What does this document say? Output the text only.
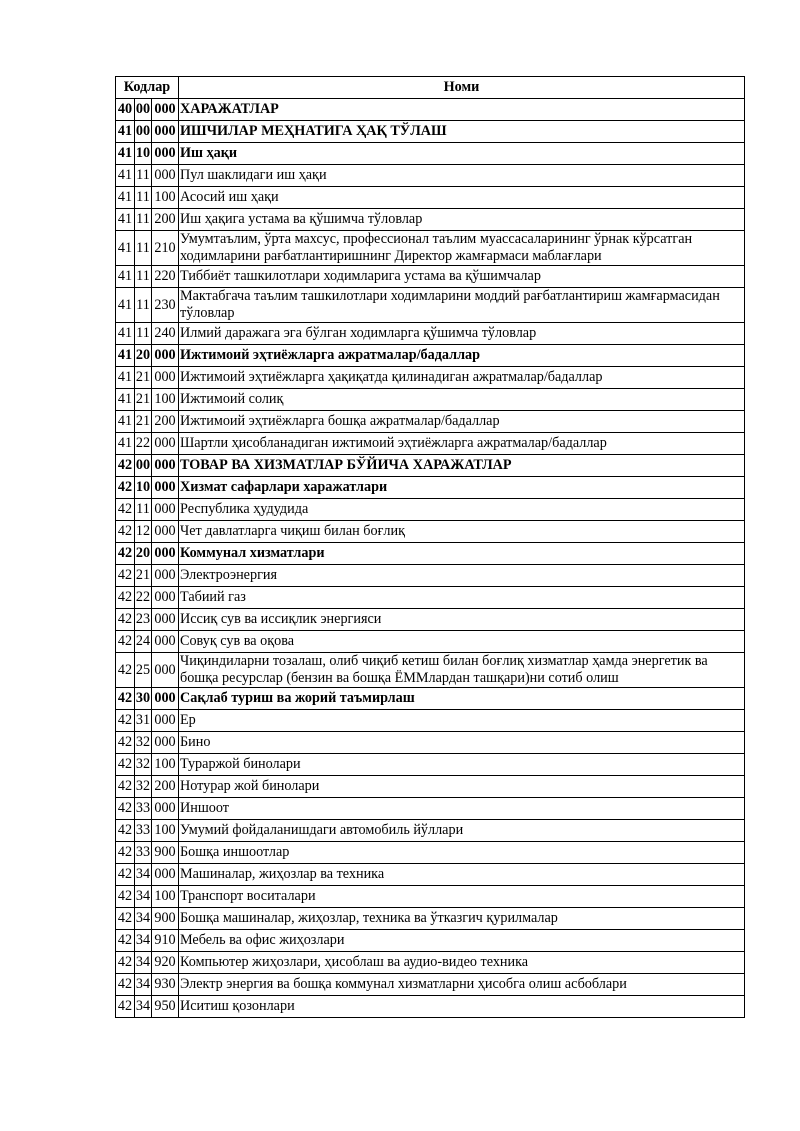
Кодлар			Номи
40	00	000	ХАРАЖАТЛАР
41	00	000	ИШЧИЛАР МЕҲНАТИГА ҲАҚ ТЎЛАШ
41	10	000	Иш ҳақи
41	11	000	Пул шаклидаги иш ҳақи
41	11	100	Асосий иш ҳақи
41	11	200	Иш ҳақига устама ва қўшимча тўловлар
41	11	210	Умумтаълим, ўрта махсус, профессионал таълим муассасаларининг ўрнак кўрсатган ходимларини рағбатлантиришнинг Директор жамғармаси маблағлари
41	11	220	Тиббиёт ташкилотлари ходимларига устама ва қўшимчалар
41	11	230	Мактабгача таълим ташкилотлари ходимларини моддий рағбатлантириш жамғармасидан тўловлар
41	11	240	Илмий даражага эга бўлган ходимларга қўшимча тўловлар
41	20	000	Ижтимоий эҳтиёжларга ажратмалар/бадаллар
41	21	000	Ижтимоий эҳтиёжларга ҳақиқатда қилинадиган ажратмалар/бадаллар
41	21	100	Ижтимоий солиқ
41	21	200	Ижтимоий эҳтиёжларга бошқа ажратмалар/бадаллар
41	22	000	Шартли ҳисобланадиган ижтимоий эҳтиёжларга ажратмалар/бадаллар
42	00	000	ТОВАР ВА ХИЗМАТЛАР БЎЙИЧА ХАРАЖАТЛАР
42	10	000	Хизмат сафарлари харажатлари
42	11	000	Республика ҳудудида
42	12	000	Чет давлатларга чиқиш билан боғлиқ
42	20	000	Коммунал хизматлари
42	21	000	Электроэнергия
42	22	000	Табиий газ
42	23	000	Иссиқ сув ва иссиқлик энергияси
42	24	000	Совуқ сув ва оқова
42	25	000	Чиқиндиларни тозалаш, олиб чиқиб кетиш билан боғлиқ хизматлар ҳамда энергетик ва бошқа ресурслар (бензин ва бошқа ЁММлардан ташқари)ни сотиб олиш
42	30	000	Сақлаб туриш ва жорий таъмирлаш
42	31	000	Ер
42	32	000	Бино
42	32	100	Тураржой бинолари
42	32	200	Нотурар жой бинолари
42	33	000	Иншоот
42	33	100	Умумий фойдаланишдаги автомобиль йўллари
42	33	900	Бошқа иншоотлар
42	34	000	Машиналар, жиҳозлар ва техника
42	34	100	Транспорт воситалари
42	34	900	Бошқа машиналар, жиҳозлар, техника ва ўтказгич қурилмалар
42	34	910	Мебель ва офис жиҳозлари
42	34	920	Компьютер жиҳозлари, ҳисоблаш ва аудио-видео техника
42	34	930	Электр энергия ва бошқа коммунал хизматларни ҳисобга олиш асбоблари
42	34	950	Иситиш қозонлари
